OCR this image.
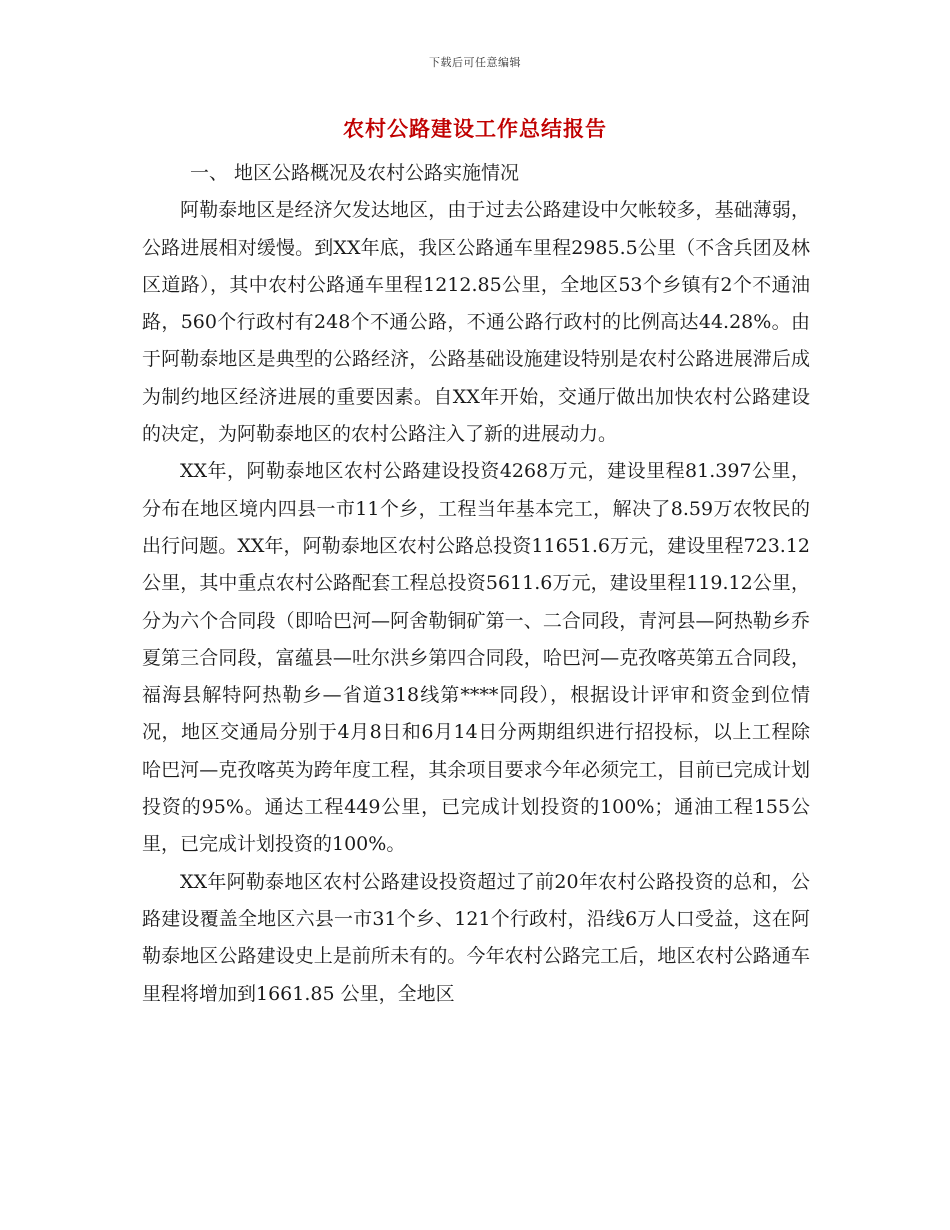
下载后可任意编辑
农村公路建设工作总结报告

一、 地区公路概况及农村公路实施情况

阿勒泰地区是经济欠发达地区，由于过去公路建设中欠帐较多，基础薄弱，公路进展相对缓慢。到XX年底，我区公路通车里程2985.5公里（不含兵团及林区道路），其中农村公路通车里程1212.85公里，全地区53个乡镇有2个不通油路，560个行政村有248个不通公路，不通公路行政村的比例高达44.28%。由于阿勒泰地区是典型的公路经济，公路基础设施建设特别是农村公路进展滞后成为制约地区经济进展的重要因素。自XX年开始，交通厅做出加快农村公路建设的决定，为阿勒泰地区的农村公路注入了新的进展动力。

XX年，阿勒泰地区农村公路建设投资4268万元，建设里程81.397公里，分布在地区境内四县一市11个乡，工程当年基本完工，解决了8.59万农牧民的出行问题。XX年，阿勒泰地区农村公路总投资11651.6万元，建设里程723.12公里，其中重点农村公路配套工程总投资5611.6万元，建设里程119.12公里，分为六个合同段（即哈巴河—阿舍勒铜矿第一、二合同段，青河县—阿热勒乡乔夏第三合同段，富蕴县—吐尔洪乡第四合同段，哈巴河—克孜喀英第五合同段，福海县解特阿热勒乡—省道318线第****同段），根据设计评审和资金到位情况，地区交通局分别于4月8日和6月14日分两期组织进行招投标，以上工程除哈巴河—克孜喀英为跨年度工程，其余项目要求今年必须完工，目前已完成计划投资的95%。通达工程449公里，已完成计划投资的100%；通油工程155公里，已完成计划投资的100%。

XX年阿勒泰地区农村公路建设投资超过了前20年农村公路投资的总和，公路建设覆盖全地区六县一市31个乡、121个行政村，沿线6万人口受益，这在阿勒泰地区公路建设史上是前所未有的。今年农村公路完工后，地区农村公路通车里程将增加到1661.85 公里，全地区
